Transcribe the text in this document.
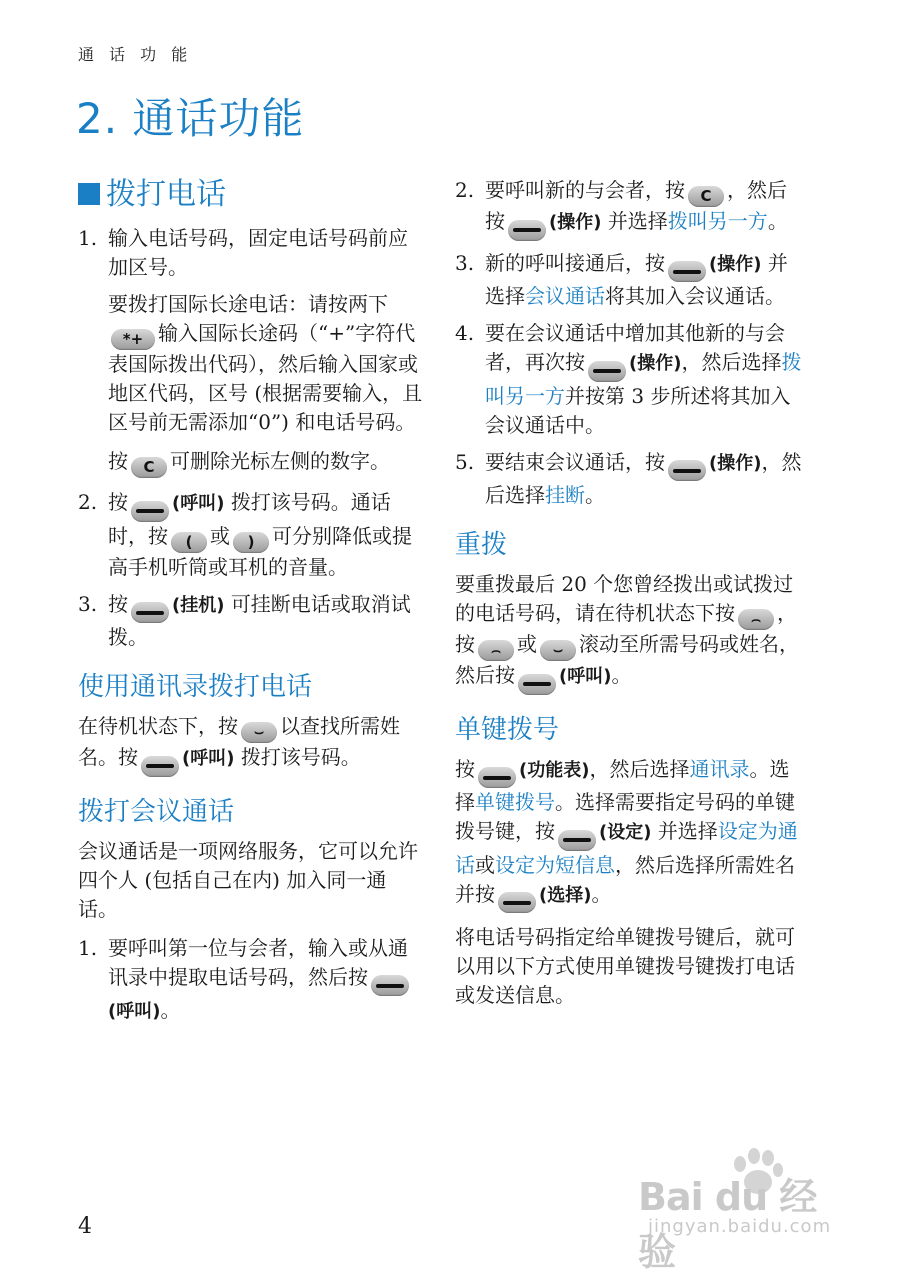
通 话 功 能
2. 通话功能
拨打电话
1. 输入电话号码，固定电话号码前应加区号。
要拨打国际长途电话：请按两下*+ 输入国际长途码（“+”字符代表国际拨出代码），然后输入国家或地区代码，区号 (根据需要输入，且区号前无需添加“0”) 和电话号码。
按 C 可删除光标左侧的数字。
2. 按 (呼叫) 拨打该号码。通话时，按 ( 或 ) 可分别降低或提高手机听筒或耳机的音量。
3. 按 (挂机) 可挂断电话或取消试拨。
使用通讯录拨打电话
在待机状态下，按 ⌣ 以查找所需姓名。按 (呼叫) 拨打该号码。
拨打会议通话
会议通话是一项网络服务，它可以允许四个人 (包括自己在内) 加入同一通话。
1. 要呼叫第一位与会者，输入或从通讯录中提取电话号码，然后按(呼叫)。
2. 要呼叫新的与会者，按 C ，然后按 (操作) 并选择拨叫另一方。
3. 新的呼叫接通后，按 (操作) 并选择会议通话将其加入会议通话。
4. 要在会议通话中增加其他新的与会者，再次按 (操作)，然后选择拨叫另一方并按第 3 步所述将其加入会议通话中。
5. 要结束会议通话，按 (操作)，然后选择挂断。
重拨
要重拨最后 20 个您曾经拨出或试拨过的电话号码，请在待机状态下按 ⌢ ，按 ⌢ 或 ⌣ 滚动至所需号码或姓名，然后按 (呼叫)。
单键拨号
按 (功能表)，然后选择通讯录。选择单键拨号。选择需要指定号码的单键拨号键，按 (设定) 并选择设定为通话或设定为短信息，然后选择所需姓名并按 (选择)。
将电话号码指定给单键拨号键后，就可以用以下方式使用单键拨号键拨打电话或发送信息。
4
Bai du 经验
jingyan.baidu.com
